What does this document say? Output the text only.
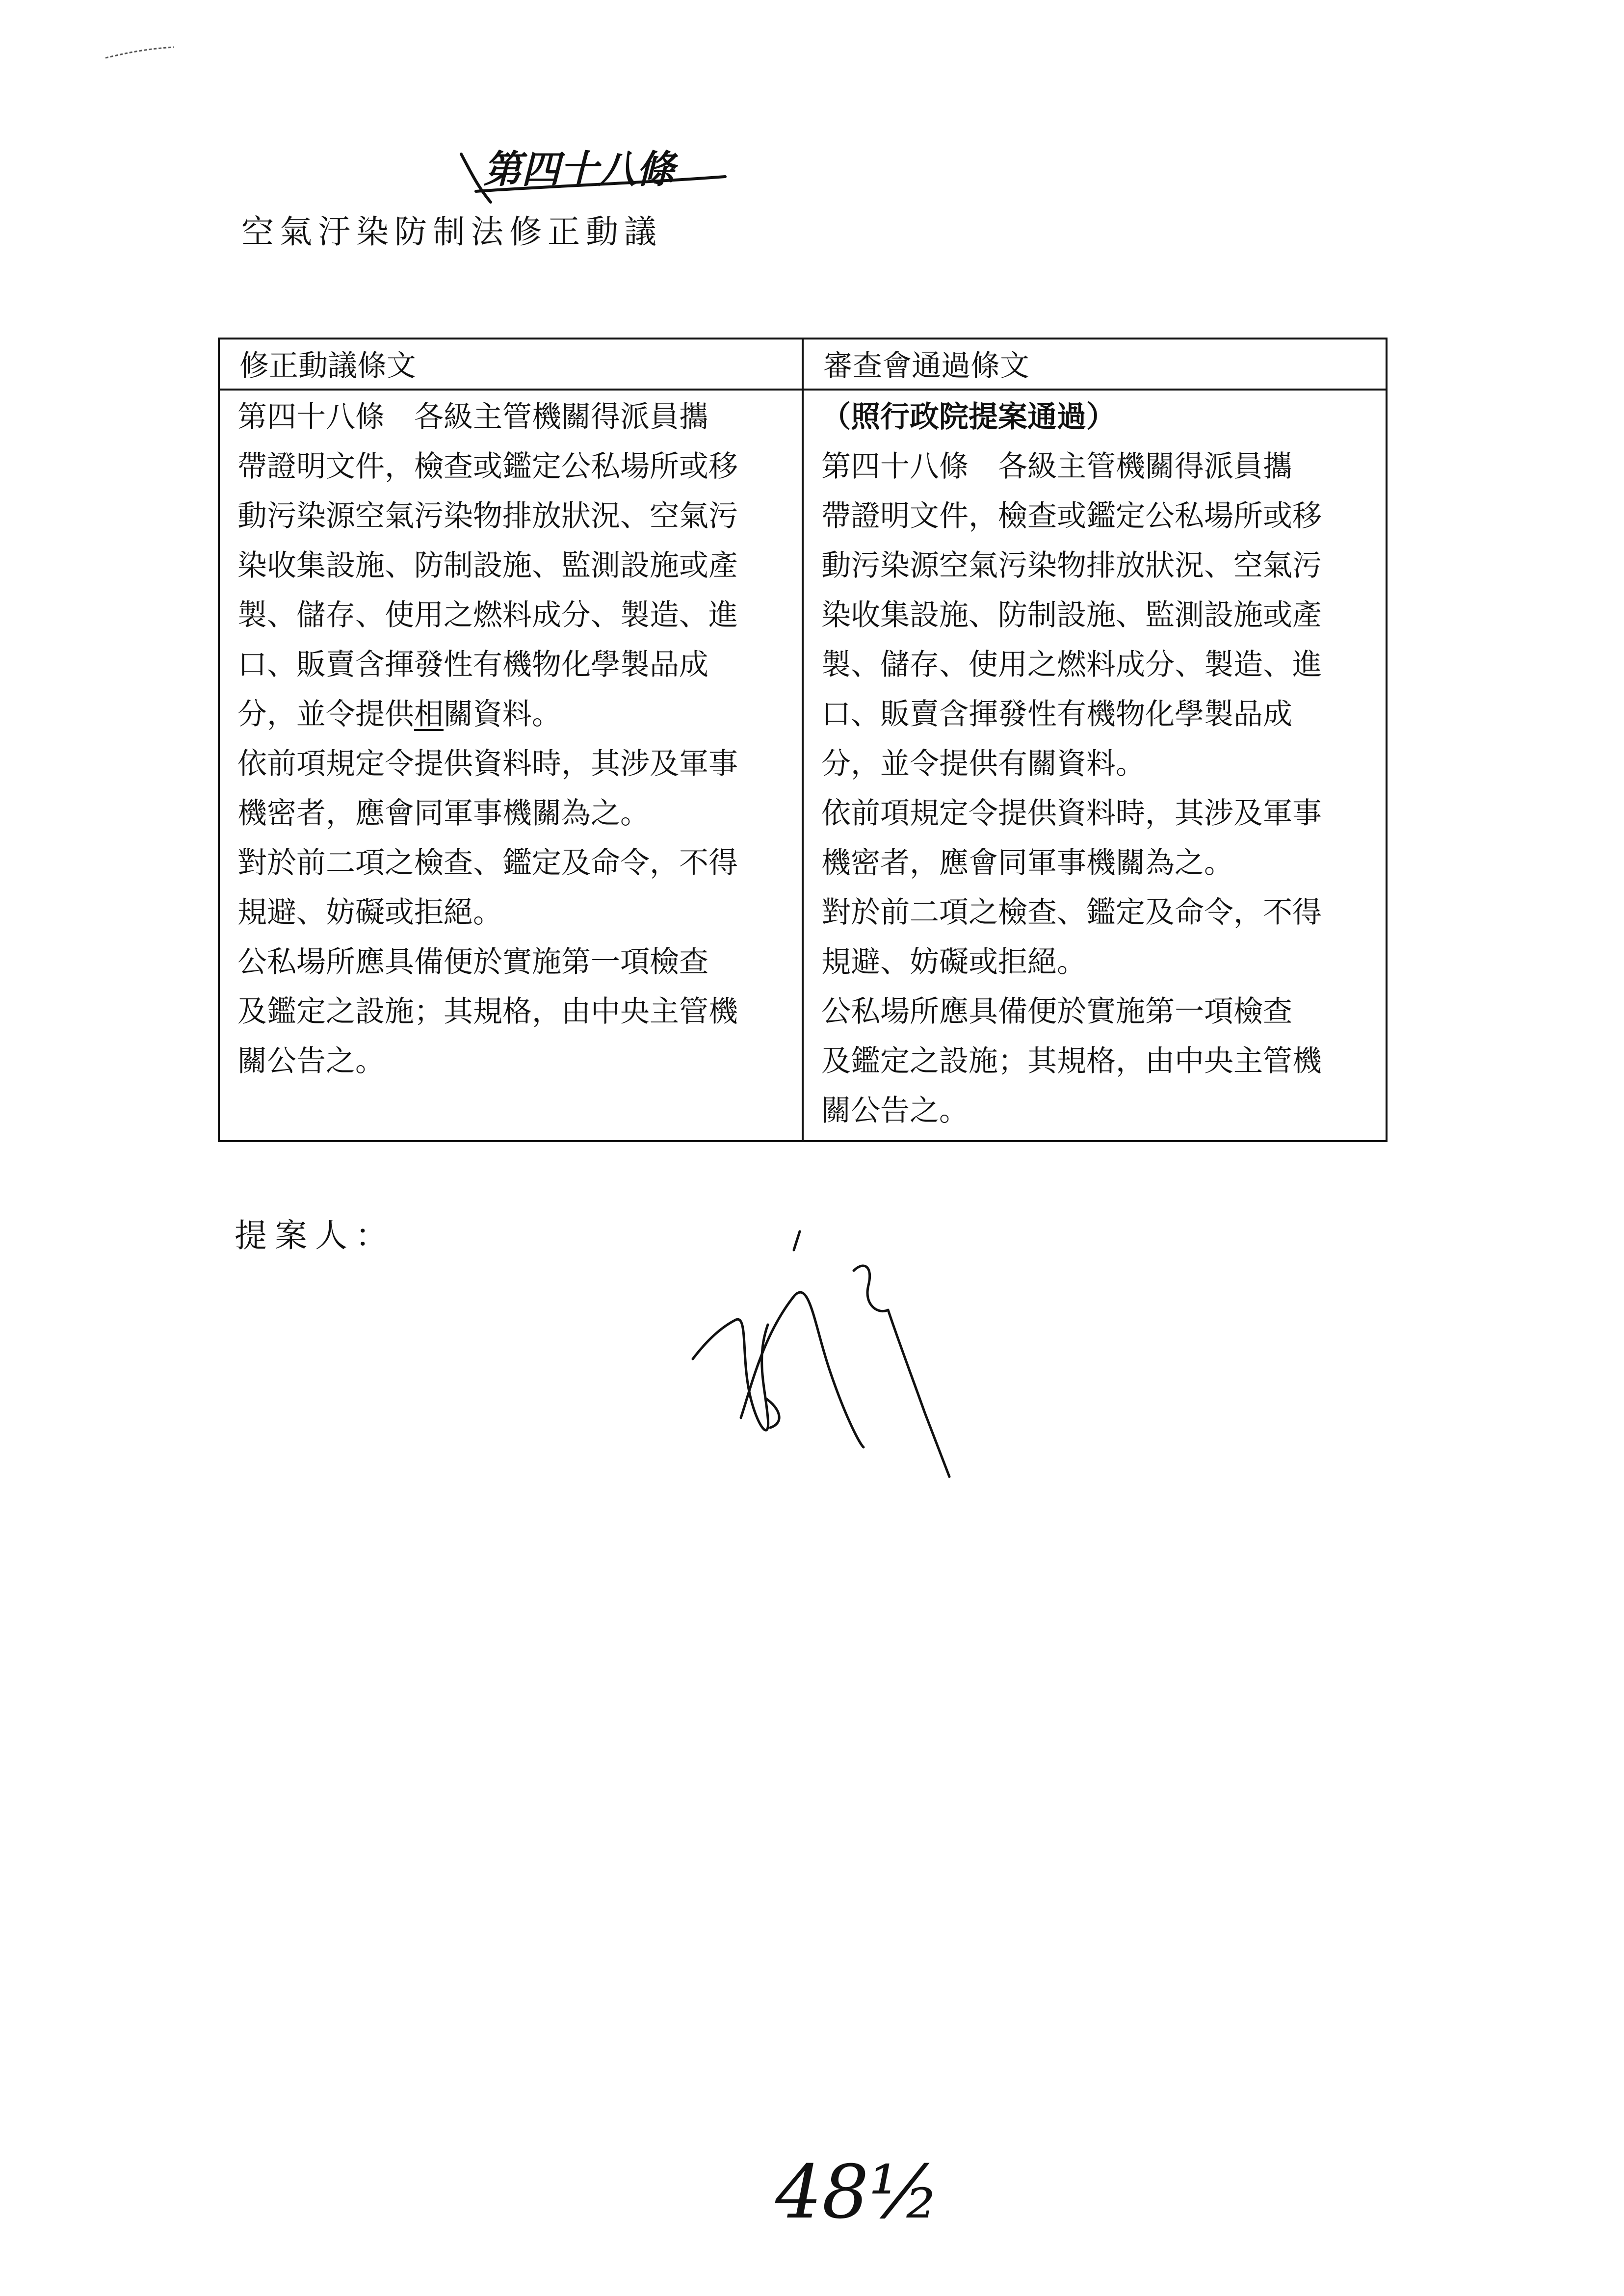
第四十八條
空氣汙染防制法修正動議
修正動議條文
第四十八條　各級主管機關得派員攜
帶證明文件，檢查或鑑定公私場所或移
動污染源空氣污染物排放狀況、空氣污
染收集設施、防制設施、監測設施或產
製、儲存、使用之燃料成分、製造、進
口、販賣含揮發性有機物化學製品成
分，並令提供相關資料。
依前項規定令提供資料時，其涉及軍事
機密者，應會同軍事機關為之。
對於前二項之檢查、鑑定及命令，不得
規避、妨礙或拒絕。
公私場所應具備便於實施第一項檢查
及鑑定之設施；其規格，由中央主管機
關公告之。
審查會通過條文
（照行政院提案通過）
第四十八條　各級主管機關得派員攜
帶證明文件，檢查或鑑定公私場所或移
動污染源空氣污染物排放狀況、空氣污
染收集設施、防制設施、監測設施或產
製、儲存、使用之燃料成分、製造、進
口、販賣含揮發性有機物化學製品成
分，並令提供有關資料。
依前項規定令提供資料時，其涉及軍事
機密者，應會同軍事機關為之。
對於前二項之檢查、鑑定及命令，不得
規避、妨礙或拒絕。
公私場所應具備便於實施第一項檢查
及鑑定之設施；其規格，由中央主管機
關公告之。
提案人：
48½
